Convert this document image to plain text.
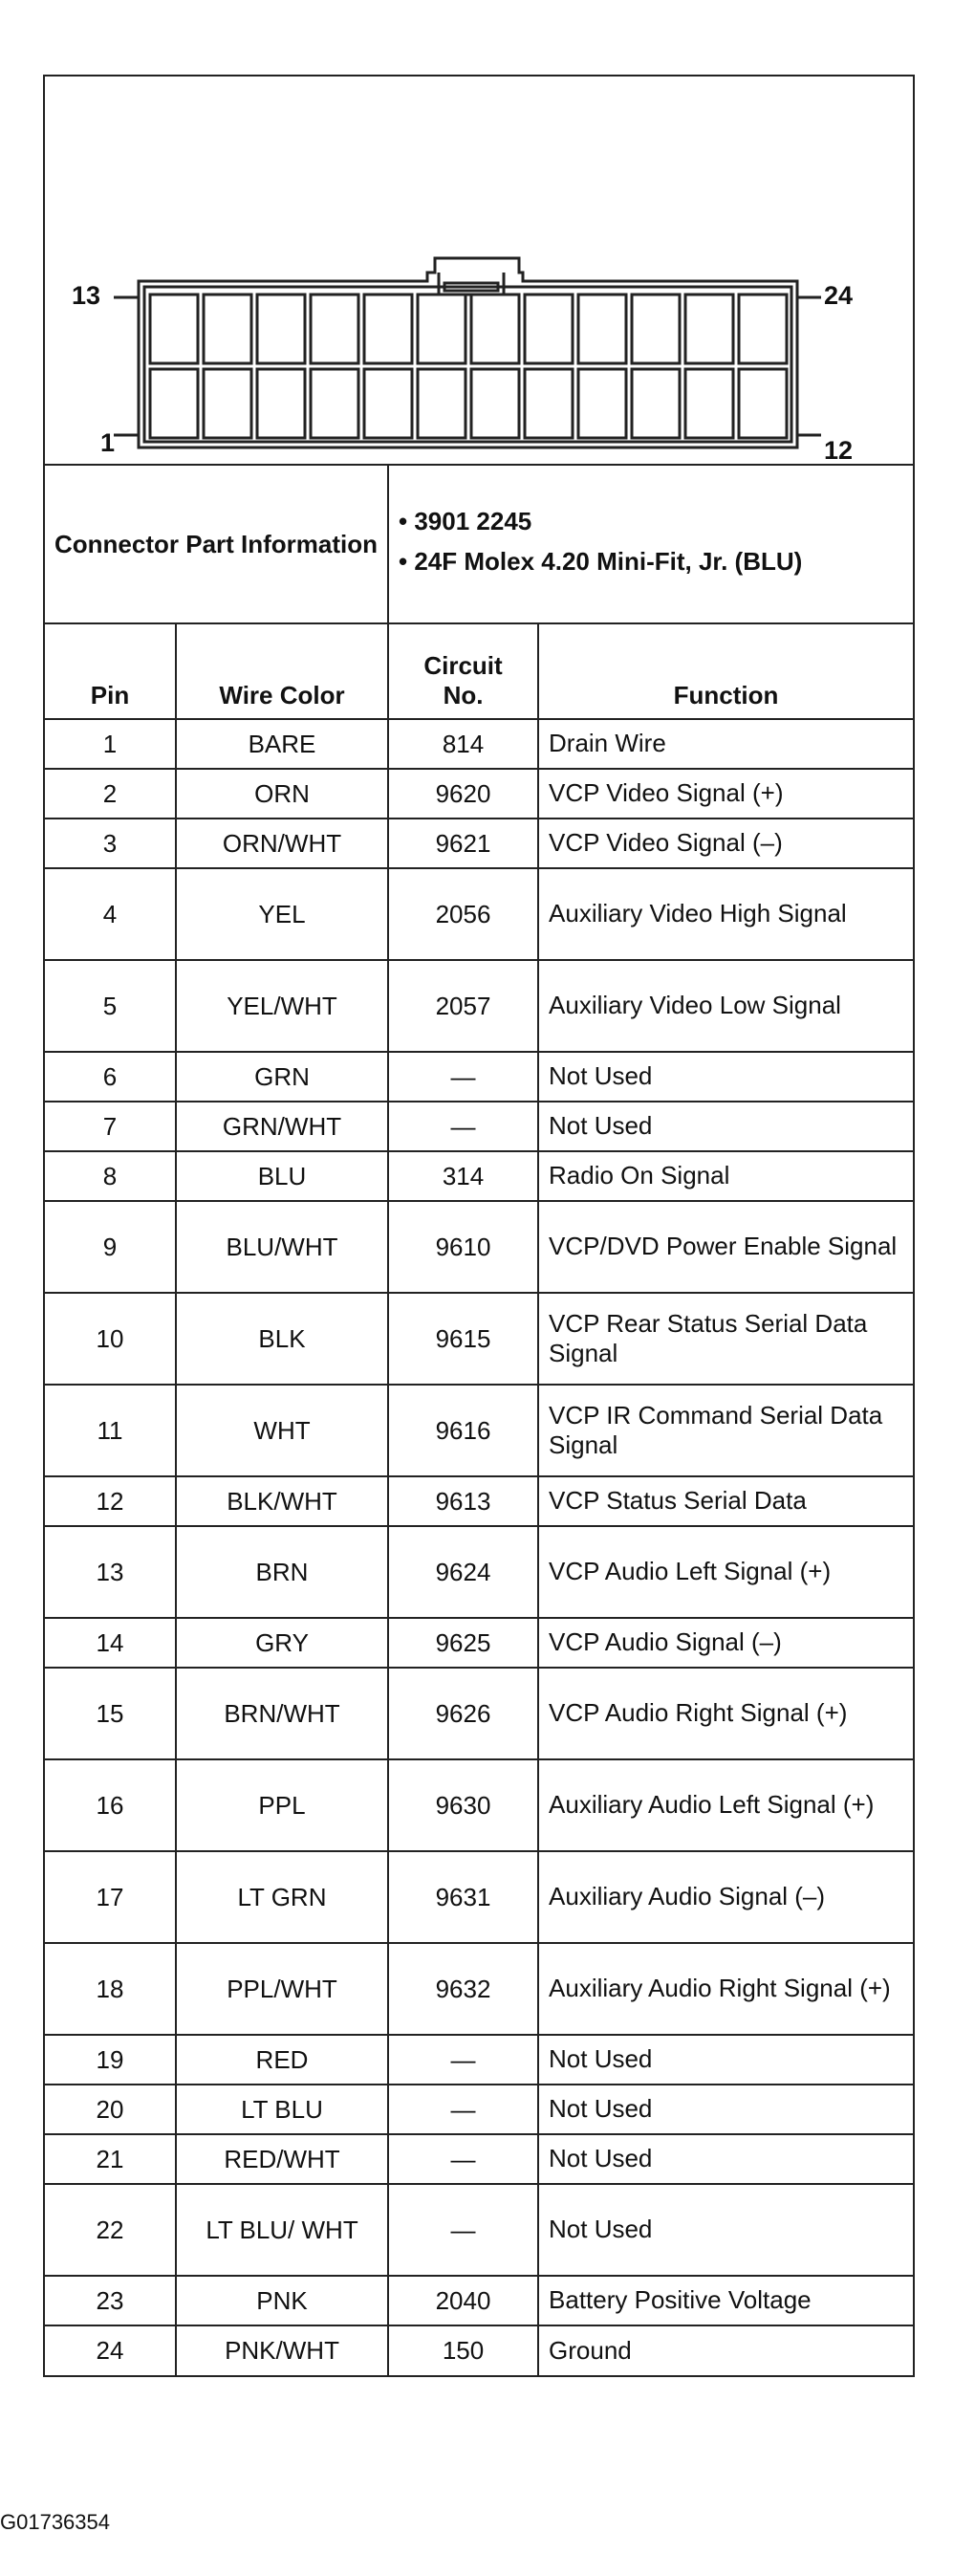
13	24
1	12
Connector Part Information		• 3901 2245
• 24F Molex 4.20 Mini-Fit, Jr. (BLU)	

Pin	Wire Color	Circuit No.	Function
1	BARE	814	Drain Wire
2	ORN	9620	VCP Video Signal (+)
3	ORN/WHT	9621	VCP Video Signal (–)
4	YEL	2056	Auxiliary Video High Signal
5	YEL/WHT	2057	Auxiliary Video Low Signal
6	GRN	—	Not Used
7	GRN/WHT	—	Not Used
8	BLU	314	Radio On Signal
9	BLU/WHT	9610	VCP/DVD Power Enable Signal
10	BLK	9615	VCP Rear Status Serial Data Signal
11	WHT	9616	VCP IR Command Serial Data Signal
12	BLK/WHT	9613	VCP Status Serial Data
13	BRN	9624	VCP Audio Left Signal (+)
14	GRY	9625	VCP Audio Signal (–)
15	BRN/WHT	9626	VCP Audio Right Signal (+)
16	PPL	9630	Auxiliary Audio Left Signal (+)
17	LT GRN	9631	Auxiliary Audio Signal (–)
18	PPL/WHT	9632	Auxiliary Audio Right Signal (+)
19	RED	—	Not Used
20	LT BLU	—	Not Used
21	RED/WHT	—	Not Used
22	LT BLU/ WHT	—	Not Used
23	PNK	2040	Battery Positive Voltage
24	PNK/WHT	150	Ground
G01736354
